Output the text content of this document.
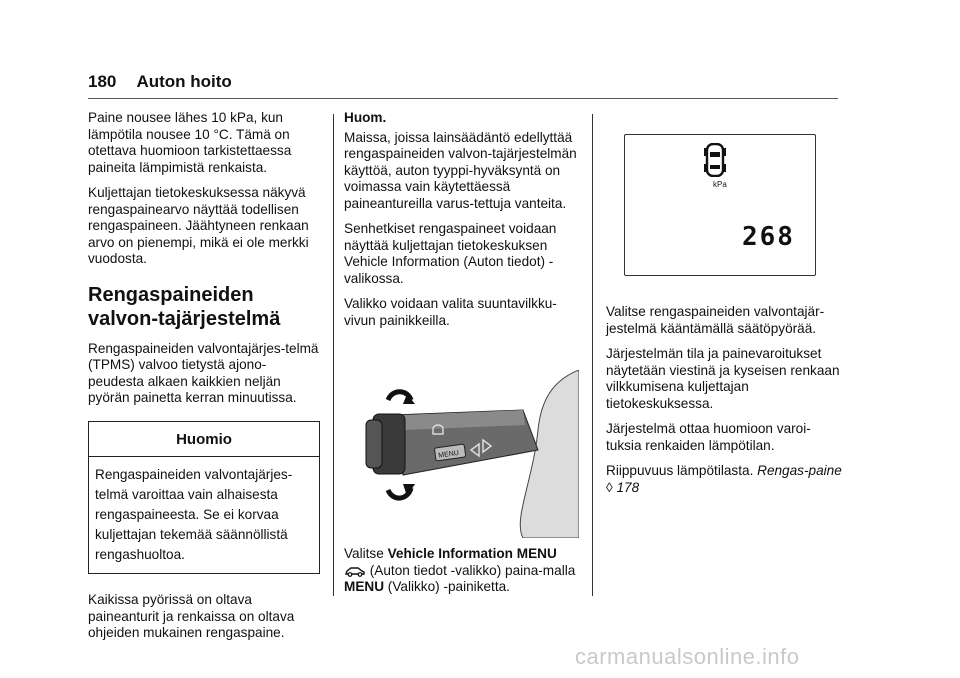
180 Auton hoito

Paine nousee lähes 10 kPa, kun lämpötila nousee 10 °C. Tämä on otettava huomioon tarkistettaessa paineita lämpimistä renkaista.

Kuljettajan tietokeskuksessa näkyvä rengaspainearvo näyttää todellisen rengaspaineen. Jäähtyneen renkaan arvo on pienempi, mikä ei ole merkki vuodosta.

Rengaspaineiden valvon-tajärjestelmä

Rengaspaineiden valvontajärjes-telmä (TPMS) valvoo tietystä ajono-peudesta alkaen kaikkien neljän pyörän painetta kerran minuutissa.

Huomio
Rengaspaineiden valvontajärjes-telmä varoittaa vain alhaisesta rengaspaineesta. Se ei korvaa kuljettajan tekemää säännöllistä rengashuoltoa.

Kaikissa pyörissä on oltava paineanturit ja renkaissa on oltava ohjeiden mukainen rengaspaine.

Huom.

Maissa, joissa lainsäädäntö edellyttää rengaspaineiden valvon-tajärjestelmän käyttöä, auton tyyppi-hyväksyntä on voimassa vain käytettäessä paineantureilla varus-tettuja vanteita.

Senhetkiset rengaspaineet voidaan näyttää kuljettajan tietokeskuksen Vehicle Information (Auton tiedot) -valikossa.

Valikko voidaan valita suuntavilkku-vivun painikkeilla.

MENU

Valitse Vehicle Information MENU
(Auton tiedot -valikko) paina-malla MENU (Valikko) -painiketta.

kPa
268

Valitse rengaspaineiden valvontajär-jestelmä kääntämällä säätöpyörää.

Järjestelmän tila ja painevaroitukset näytetään viestinä ja kyseisen renkaan vilkkumisena kuljettajan tietokeskuksessa.

Järjestelmä ottaa huomioon varoi-tuksia renkaiden lämpötilan.

Riippuvuus lämpötilasta. Rengas-paine ◊ 178

carmanualsonline.info
